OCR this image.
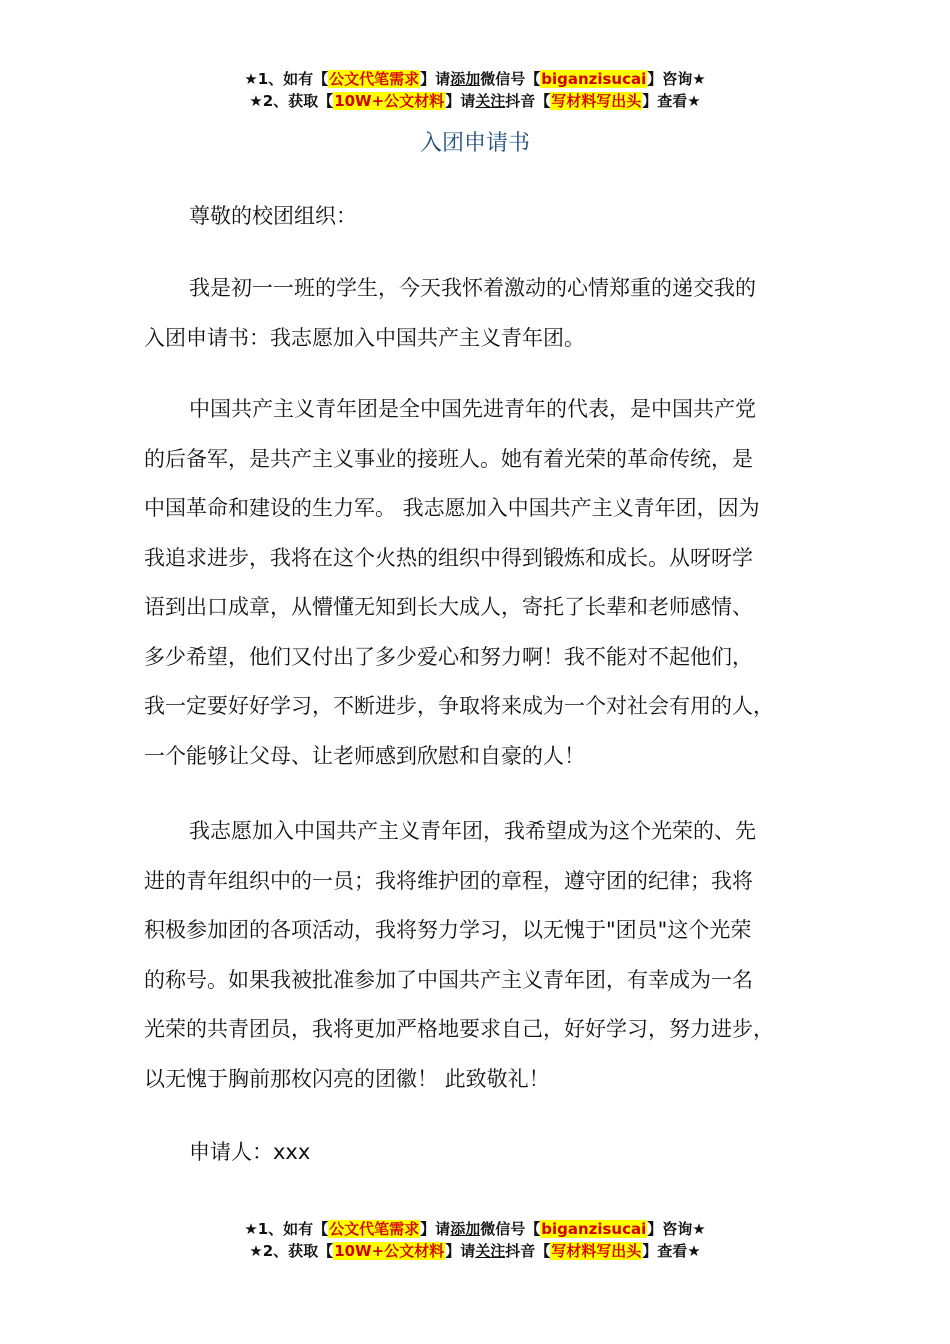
★1、如有【公文代笔需求】请添加微信号【biganzisucai】咨询★
★2、获取【10W+公文材料】请关注抖音【写材料写出头】查看★
入团申请书

尊敬的校团组织：

我是初一一班的学生，今天我怀着激动的心情郑重的递交我的
入团申请书：我志愿加入中国共产主义青年团。

中国共产主义青年团是全中国先进青年的代表，是中国共产党
的后备军，是共产主义事业的接班人。她有着光荣的革命传统，是
中国革命和建设的生力军。 我志愿加入中国共产主义青年团，因为
我追求进步，我将在这个火热的组织中得到锻炼和成长。从呀呀学
语到出口成章，从懵懂无知到长大成人，寄托了长辈和老师感情、
多少希望，他们又付出了多少爱心和努力啊！我不能对不起他们，
我一定要好好学习，不断进步，争取将来成为一个对社会有用的人，
一个能够让父母、让老师感到欣慰和自豪的人！

我志愿加入中国共产主义青年团，我希望成为这个光荣的、先
进的青年组织中的一员；我将维护团的章程，遵守团的纪律；我将
积极参加团的各项活动，我将努力学习，以无愧于"团员"这个光荣
的称号。如果我被批准参加了中国共产主义青年团，有幸成为一名
光荣的共青团员，我将更加严格地要求自己，好好学习，努力进步，
以无愧于胸前那枚闪亮的团徽！ 此致敬礼！

申请人：xxx

★1、如有【公文代笔需求】请添加微信号【biganzisucai】咨询★
★2、获取【10W+公文材料】请关注抖音【写材料写出头】查看★
